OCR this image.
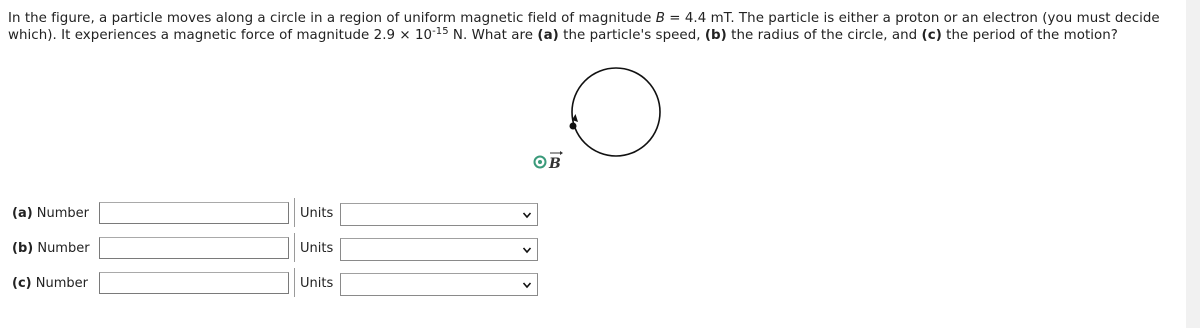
In the figure, a particle moves along a circle in a region of uniform magnetic field of magnitude B = 4.4 mT. The particle is either a proton or an electron (you must decide which). It experiences a magnetic force of magnitude $2.9 \times 10^{-15}$ N. What are (a) the particle's speed, (b) the radius of the circle, and (c) the period of the motion?
B
(a) Number	Units
(b) Number	Units
(c) Number	Units
